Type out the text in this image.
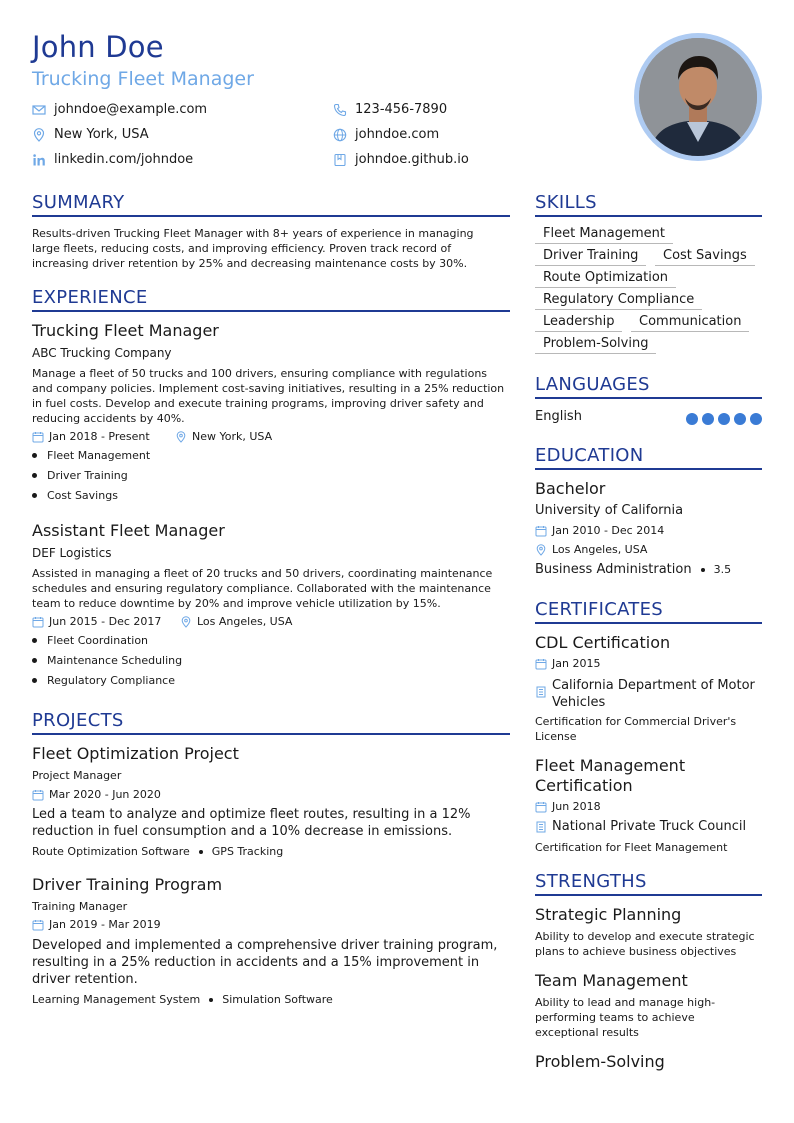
John Doe
Trucking Fleet Manager
johndoe@example.com	123-456-7890
New York, USA	johndoe.com
linkedin.com/johndoe	johndoe.github.io
SUMMARY
Results-driven Trucking Fleet Manager with 8+ years of experience in managing
large fleets, reducing costs, and improving efficiency. Proven track record of
increasing driver retention by 25% and decreasing maintenance costs by 30%.
EXPERIENCE
Trucking Fleet Manager
ABC Trucking Company
Manage a fleet of 50 trucks and 100 drivers, ensuring compliance with regulations
and company policies. Implement cost-saving initiatives, resulting in a 25% reduction
in fuel costs. Develop and execute training programs, improving driver safety and
reducing accidents by 40%.
Jan 2018 - Present	New York, USA
Fleet Management
Driver Training
Cost Savings
Assistant Fleet Manager
DEF Logistics
Assisted in managing a fleet of 20 trucks and 50 drivers, coordinating maintenance
schedules and ensuring regulatory compliance. Collaborated with the maintenance
team to reduce downtime by 20% and improve vehicle utilization by 15%.
Jun 2015 - Dec 2017	Los Angeles, USA
Fleet Coordination
Maintenance Scheduling
Regulatory Compliance
PROJECTS
Fleet Optimization Project
Project Manager
Mar 2020 - Jun 2020
Led a team to analyze and optimize fleet routes, resulting in a 12%
reduction in fuel consumption and a 10% decrease in emissions.
Route Optimization Software GPS Tracking
Driver Training Program
Training Manager
Jan 2019 - Mar 2019
Developed and implemented a comprehensive driver training program,
resulting in a 25% reduction in accidents and a 15% improvement in
driver retention.
Learning Management System Simulation Software
SKILLS
Fleet Management
Driver Training	Cost Savings
Route Optimization
Regulatory Compliance
Leadership	Communication
Problem-Solving
LANGUAGES
English
EDUCATION
Bachelor
University of California
Jan 2010 - Dec 2014
Los Angeles, USA
Business Administration 3.5
CERTIFICATES
CDL Certification
Jan 2015
California Department of Motor
Vehicles
Certification for Commercial Driver's
License
Fleet Management
Certification
Jun 2018
National Private Truck Council
Certification for Fleet Management
STRENGTHS
Strategic Planning
Ability to develop and execute strategic
plans to achieve business objectives
Team Management
Ability to lead and manage high-
performing teams to achieve
exceptional results
Problem-Solving
